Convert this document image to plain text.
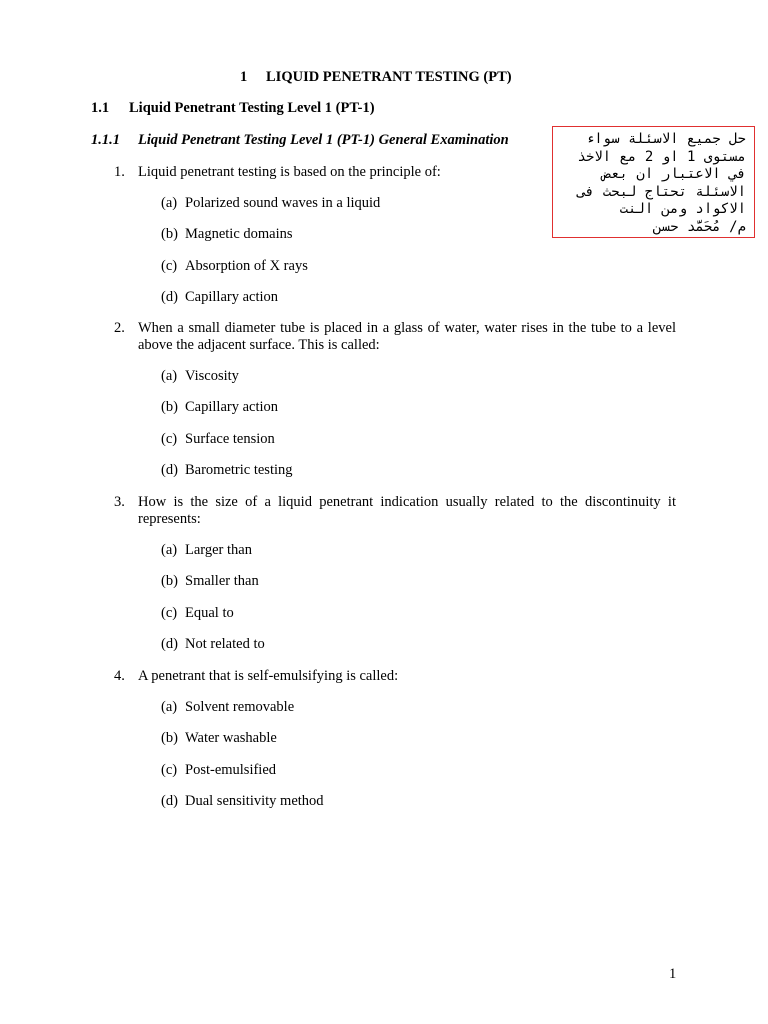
1 LIQUID PENETRANT TESTING (PT)
1.1 Liquid Penetrant Testing Level 1 (PT-1)
1.1.1 Liquid Penetrant Testing Level 1 (PT-1) General Examination	حل جميع الاسئلة سواء
مستوى 1 او 2 مع الاخذ
في الاعتبار ان بعض
الاسئلة تحتاج لبحث فى
الاكواد ومن النت
م/ مُحَمَّد حسن
1. Liquid penetrant testing is based on the principle of:
(a) Polarized sound waves in a liquid
(b) Magnetic domains
(c) Absorption of X rays
(d) Capillary action
2. When a small diameter tube is placed in a glass of water, water rises in the tube to a level above the adjacent surface. This is called:
(a) Viscosity
(b) Capillary action
(c) Surface tension
(d) Barometric testing
3. How is the size of a liquid penetrant indication usually related to the discontinuity it represents:
(a) Larger than
(b) Smaller than
(c) Equal to
(d) Not related to
4. A penetrant that is self-emulsifying is called:
(a) Solvent removable
(b) Water washable
(c) Post-emulsified
(d) Dual sensitivity method
1
